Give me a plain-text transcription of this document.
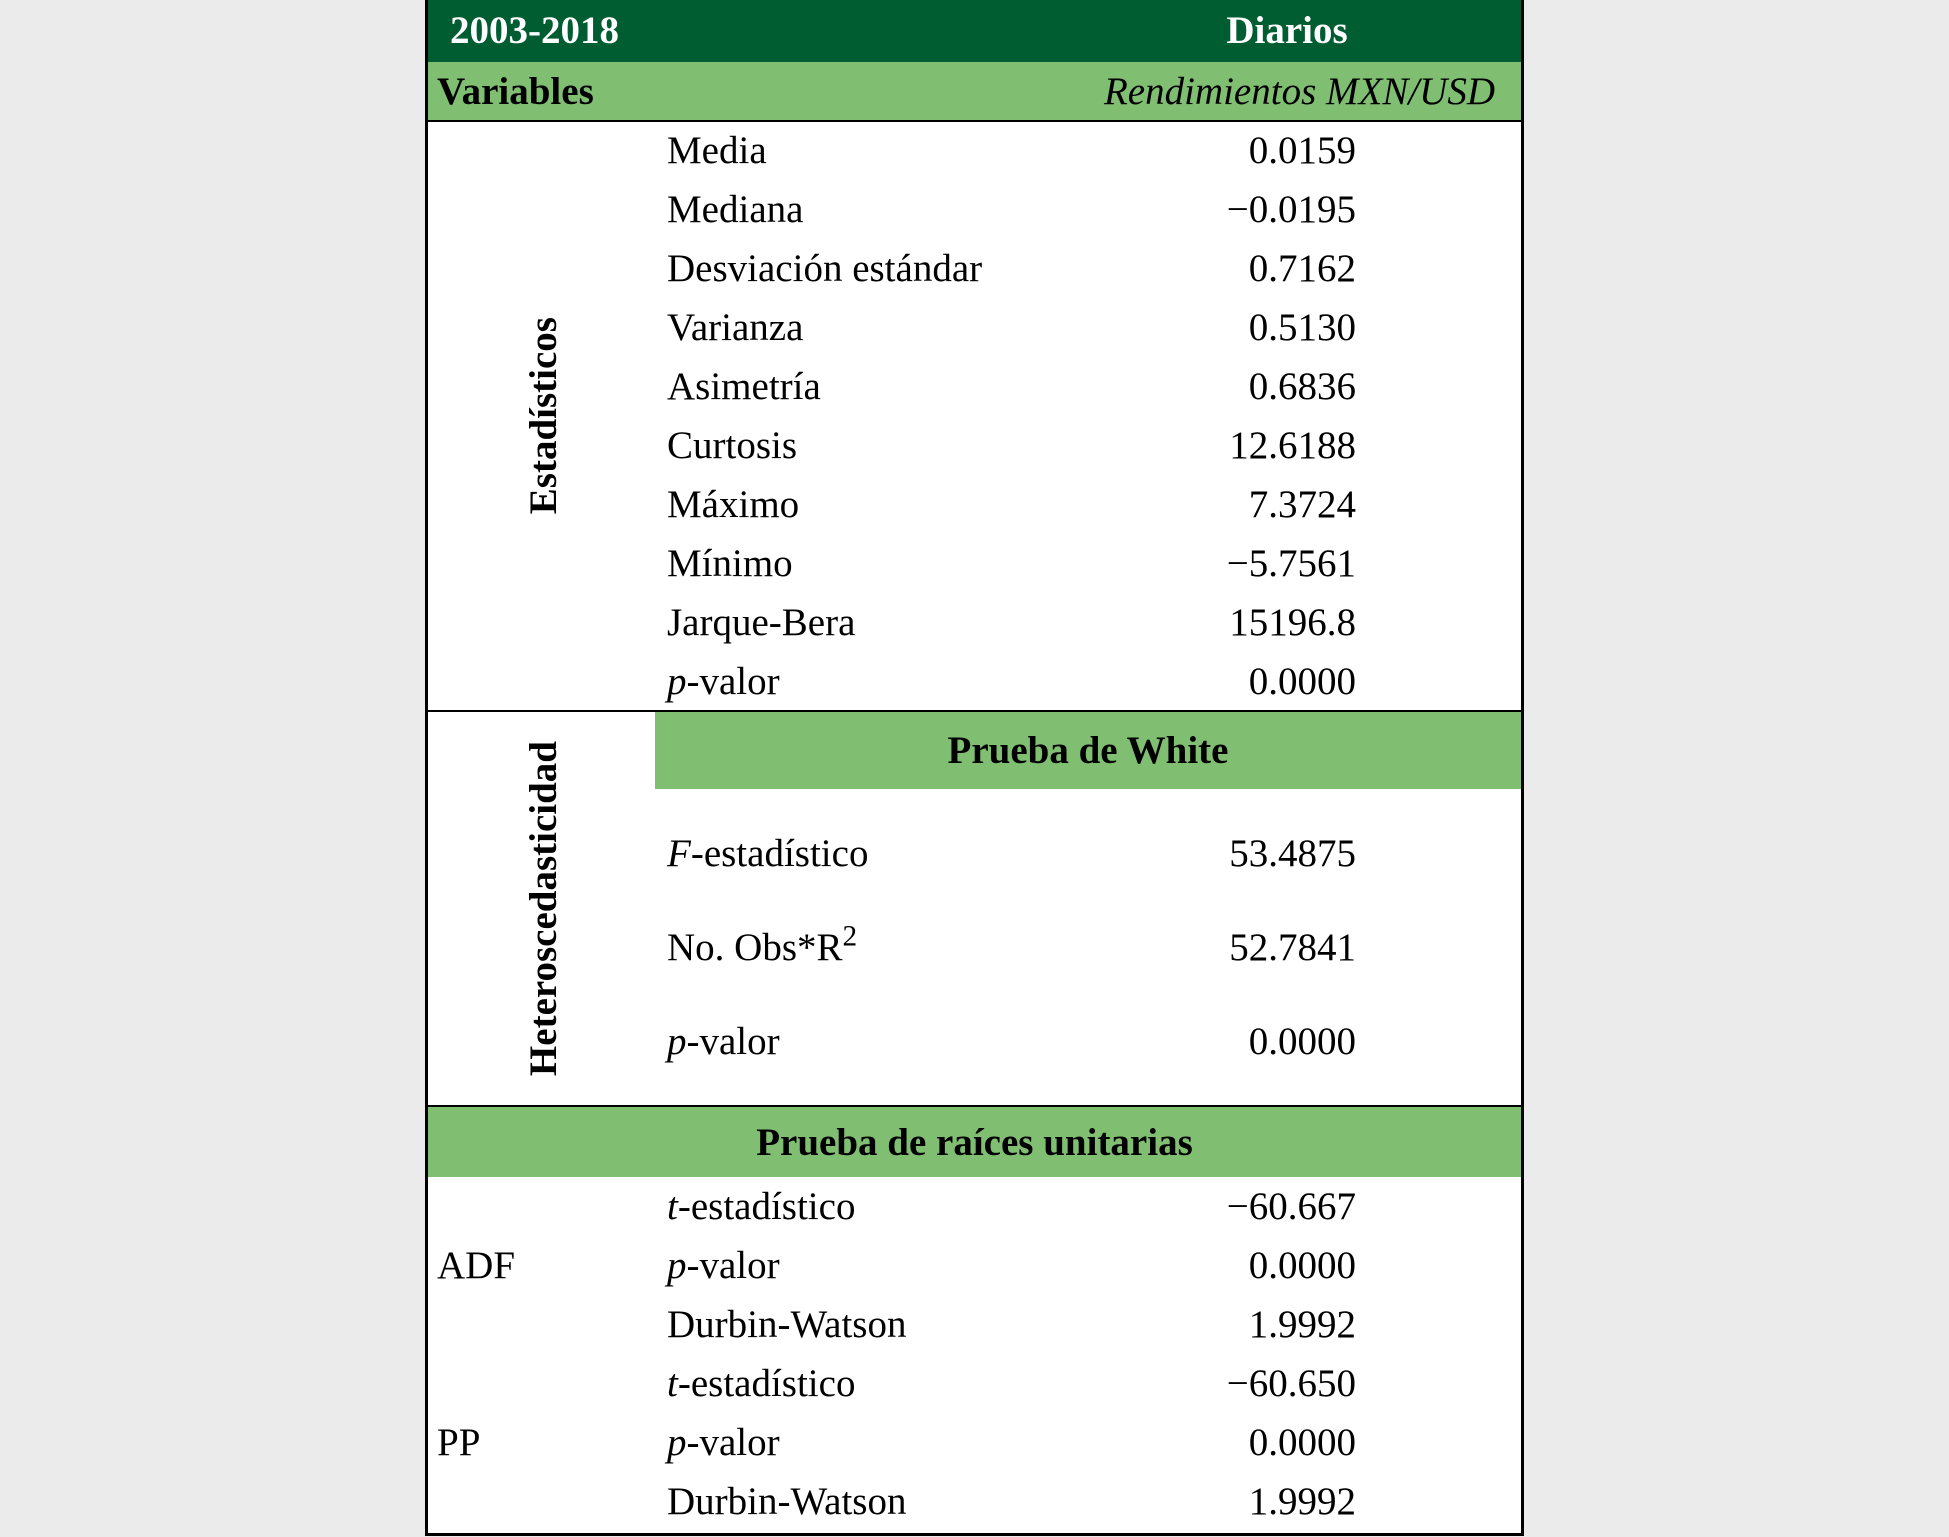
2003-2018	Diarios
Variables	Rendimientos MXN/USD
Estadísticos
Media	0.0159
Mediana	−0.0195
Desviación estándar	0.7162
Varianza	0.5130
Asimetría	0.6836
Curtosis	12.6188
Máximo	7.3724
Mínimo	−5.7561
Jarque-Bera	15196.8
p-valor	0.0000
Heteroscedasticidad	Prueba de White
F-estadístico	53.4875
No. $Obs*R^2$	52.7841
p-valor	0.0000
Prueba de raíces unitarias
ADF
t-estadístico	−60.667
p-valor	0.0000
Durbin-Watson	1.9992
PP
t-estadístico	−60.650
p-valor	0.0000
Durbin-Watson	1.9992
